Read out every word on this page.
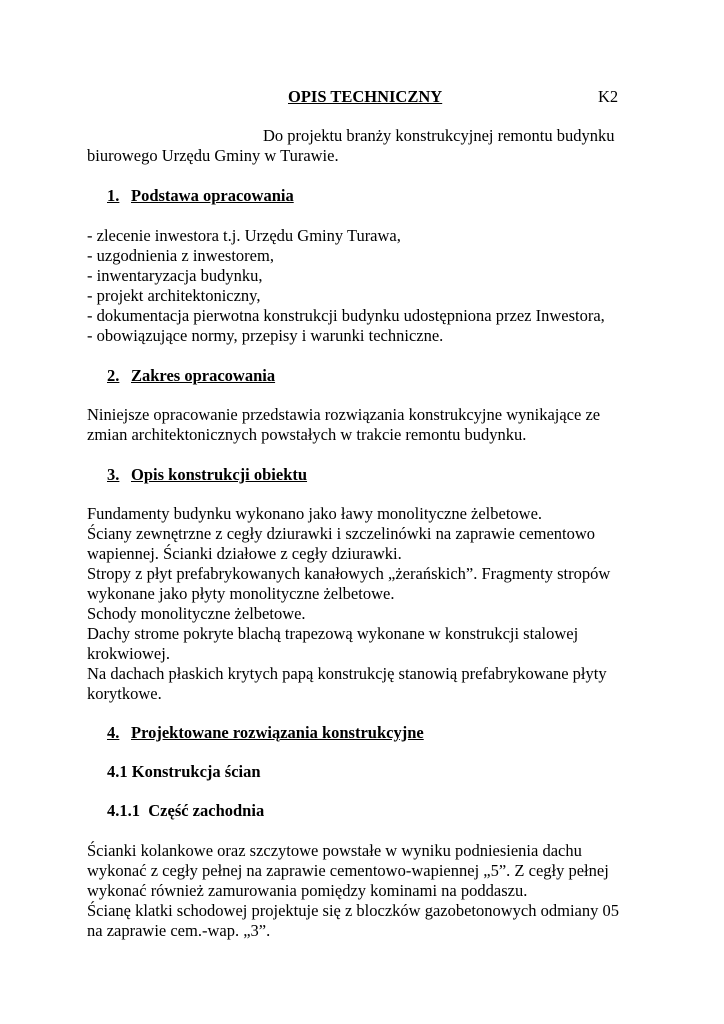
OPIS TECHNICZNY	K2
Do projektu branży konstrukcyjnej remontu budynku
biurowego Urzędu Gminy w Turawie.
1. Podstawa opracowania
- zlecenie inwestora t.j. Urzędu Gminy Turawa,
- uzgodnienia z inwestorem,
- inwentaryzacja budynku,
- projekt architektoniczny,
- dokumentacja pierwotna konstrukcji budynku udostępniona przez Inwestora,
- obowiązujące normy, przepisy i warunki techniczne.
2. Zakres opracowania
Niniejsze opracowanie przedstawia rozwiązania konstrukcyjne wynikające ze
zmian architektonicznych powstałych w trakcie remontu budynku.
3. Opis konstrukcji obiektu
Fundamenty budynku wykonano jako ławy monolityczne żelbetowe.
Ściany zewnętrzne z cegły dziurawki i szczelinówki na zaprawie cementowo
wapiennej. Ścianki działowe z cegły dziurawki.
Stropy z płyt prefabrykowanych kanałowych „żerańskich”. Fragmenty stropów
wykonane jako płyty monolityczne żelbetowe.
Schody monolityczne żelbetowe.
Dachy strome pokryte blachą trapezową wykonane w konstrukcji stalowej
krokwiowej.
Na dachach płaskich krytych papą konstrukcję stanowią prefabrykowane płyty
korytkowe.
4. Projektowane rozwiązania konstrukcyjne
4.1 Konstrukcja ścian
4.1.1  Część zachodnia
Ścianki kolankowe oraz szczytowe powstałe w wyniku podniesienia dachu
wykonać z cegły pełnej na zaprawie cementowo-wapiennej „5”. Z cegły pełnej
wykonać również zamurowania pomiędzy kominami na poddaszu.
Ścianę klatki schodowej projektuje się z bloczków gazobetonowych odmiany 05
na zaprawie cem.-wap. „3”.
